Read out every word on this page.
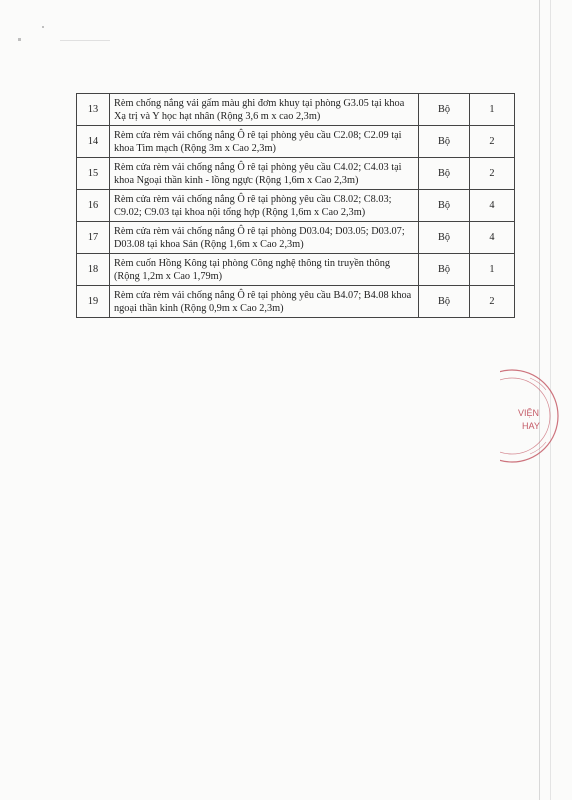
13	Rèm chống nắng vải gấm màu ghi đơm khuy tại phòng G3.05 tại khoa Xạ trị và Y học hạt nhân (Rộng 3,6 m x cao 2,3m)	Bộ	1
14	Rèm cửa rèm vải chống nắng Ô rê tại phòng yêu cầu C2.08; C2.09 tại khoa Tim mạch (Rộng 3m x Cao 2,3m)	Bộ	2
15	Rèm cửa rèm vải chống nắng Ô rê tại phòng yêu cầu C4.02; C4.03 tại khoa Ngoại thần kinh - lồng ngực (Rộng 1,6m x Cao 2,3m)	Bộ	2
16	Rèm cửa rèm vải chống nắng Ô rê tại phòng yêu cầu C8.02; C8.03; C9.02; C9.03 tại khoa nội tổng hợp (Rộng 1,6m x Cao 2,3m)	Bộ	4
17	Rèm cửa rèm vải chống nắng Ô rê tại phòng D03.04; D03.05; D03.07; D03.08 tại khoa Sản (Rộng 1,6m x Cao 2,3m)	Bộ	4
18	Rèm cuốn Hồng Kông tại phòng Công nghệ thông tin truyền thông (Rộng 1,2m x Cao 1,79m)	Bộ	1
19	Rèm cửa rèm vải chống nắng Ô rê tại phòng yêu cầu B4.07; B4.08 khoa ngoại thần kinh (Rộng 0,9m x Cao 2,3m)	Bộ	2
VIỆN
HAY
